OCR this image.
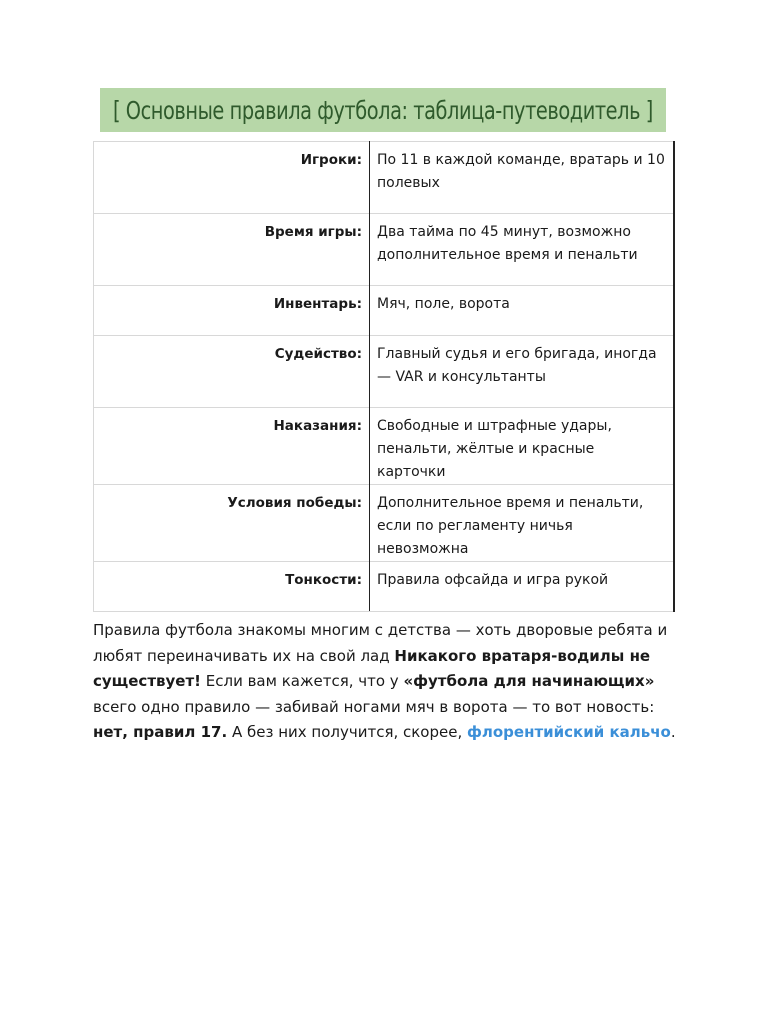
[ Основные правила футбола: таблица-путеводитель ]
Игроки:	По 11 в каждой команде, вратарь и 10 полевых
Время игры:	Два тайма по 45 минут, возможно дополнительное время и пенальти
Инвентарь:	Мяч, поле, ворота
Судейство:	Главный судья и его бригада, иногда — VAR и консультанты
Наказания:	Свободные и штрафные удары, пенальти, жёлтые и красные карточки
Условия победы:	Дополнительное время и пенальти, если по регламенту ничья невозможна
Тонкости:	Правила офсайда и игра рукой
Правила футбола знакомы многим с детства — хоть дворовые ребята и любят переиначивать их на свой лад Никакого вратаря-водилы не существует! Если вам кажется, что у «футбола для начинающих» всего одно правило — забивай ногами мяч в ворота — то вот новость: нет, правил 17. А без них получится, скорее, флорентийский кальчо.
